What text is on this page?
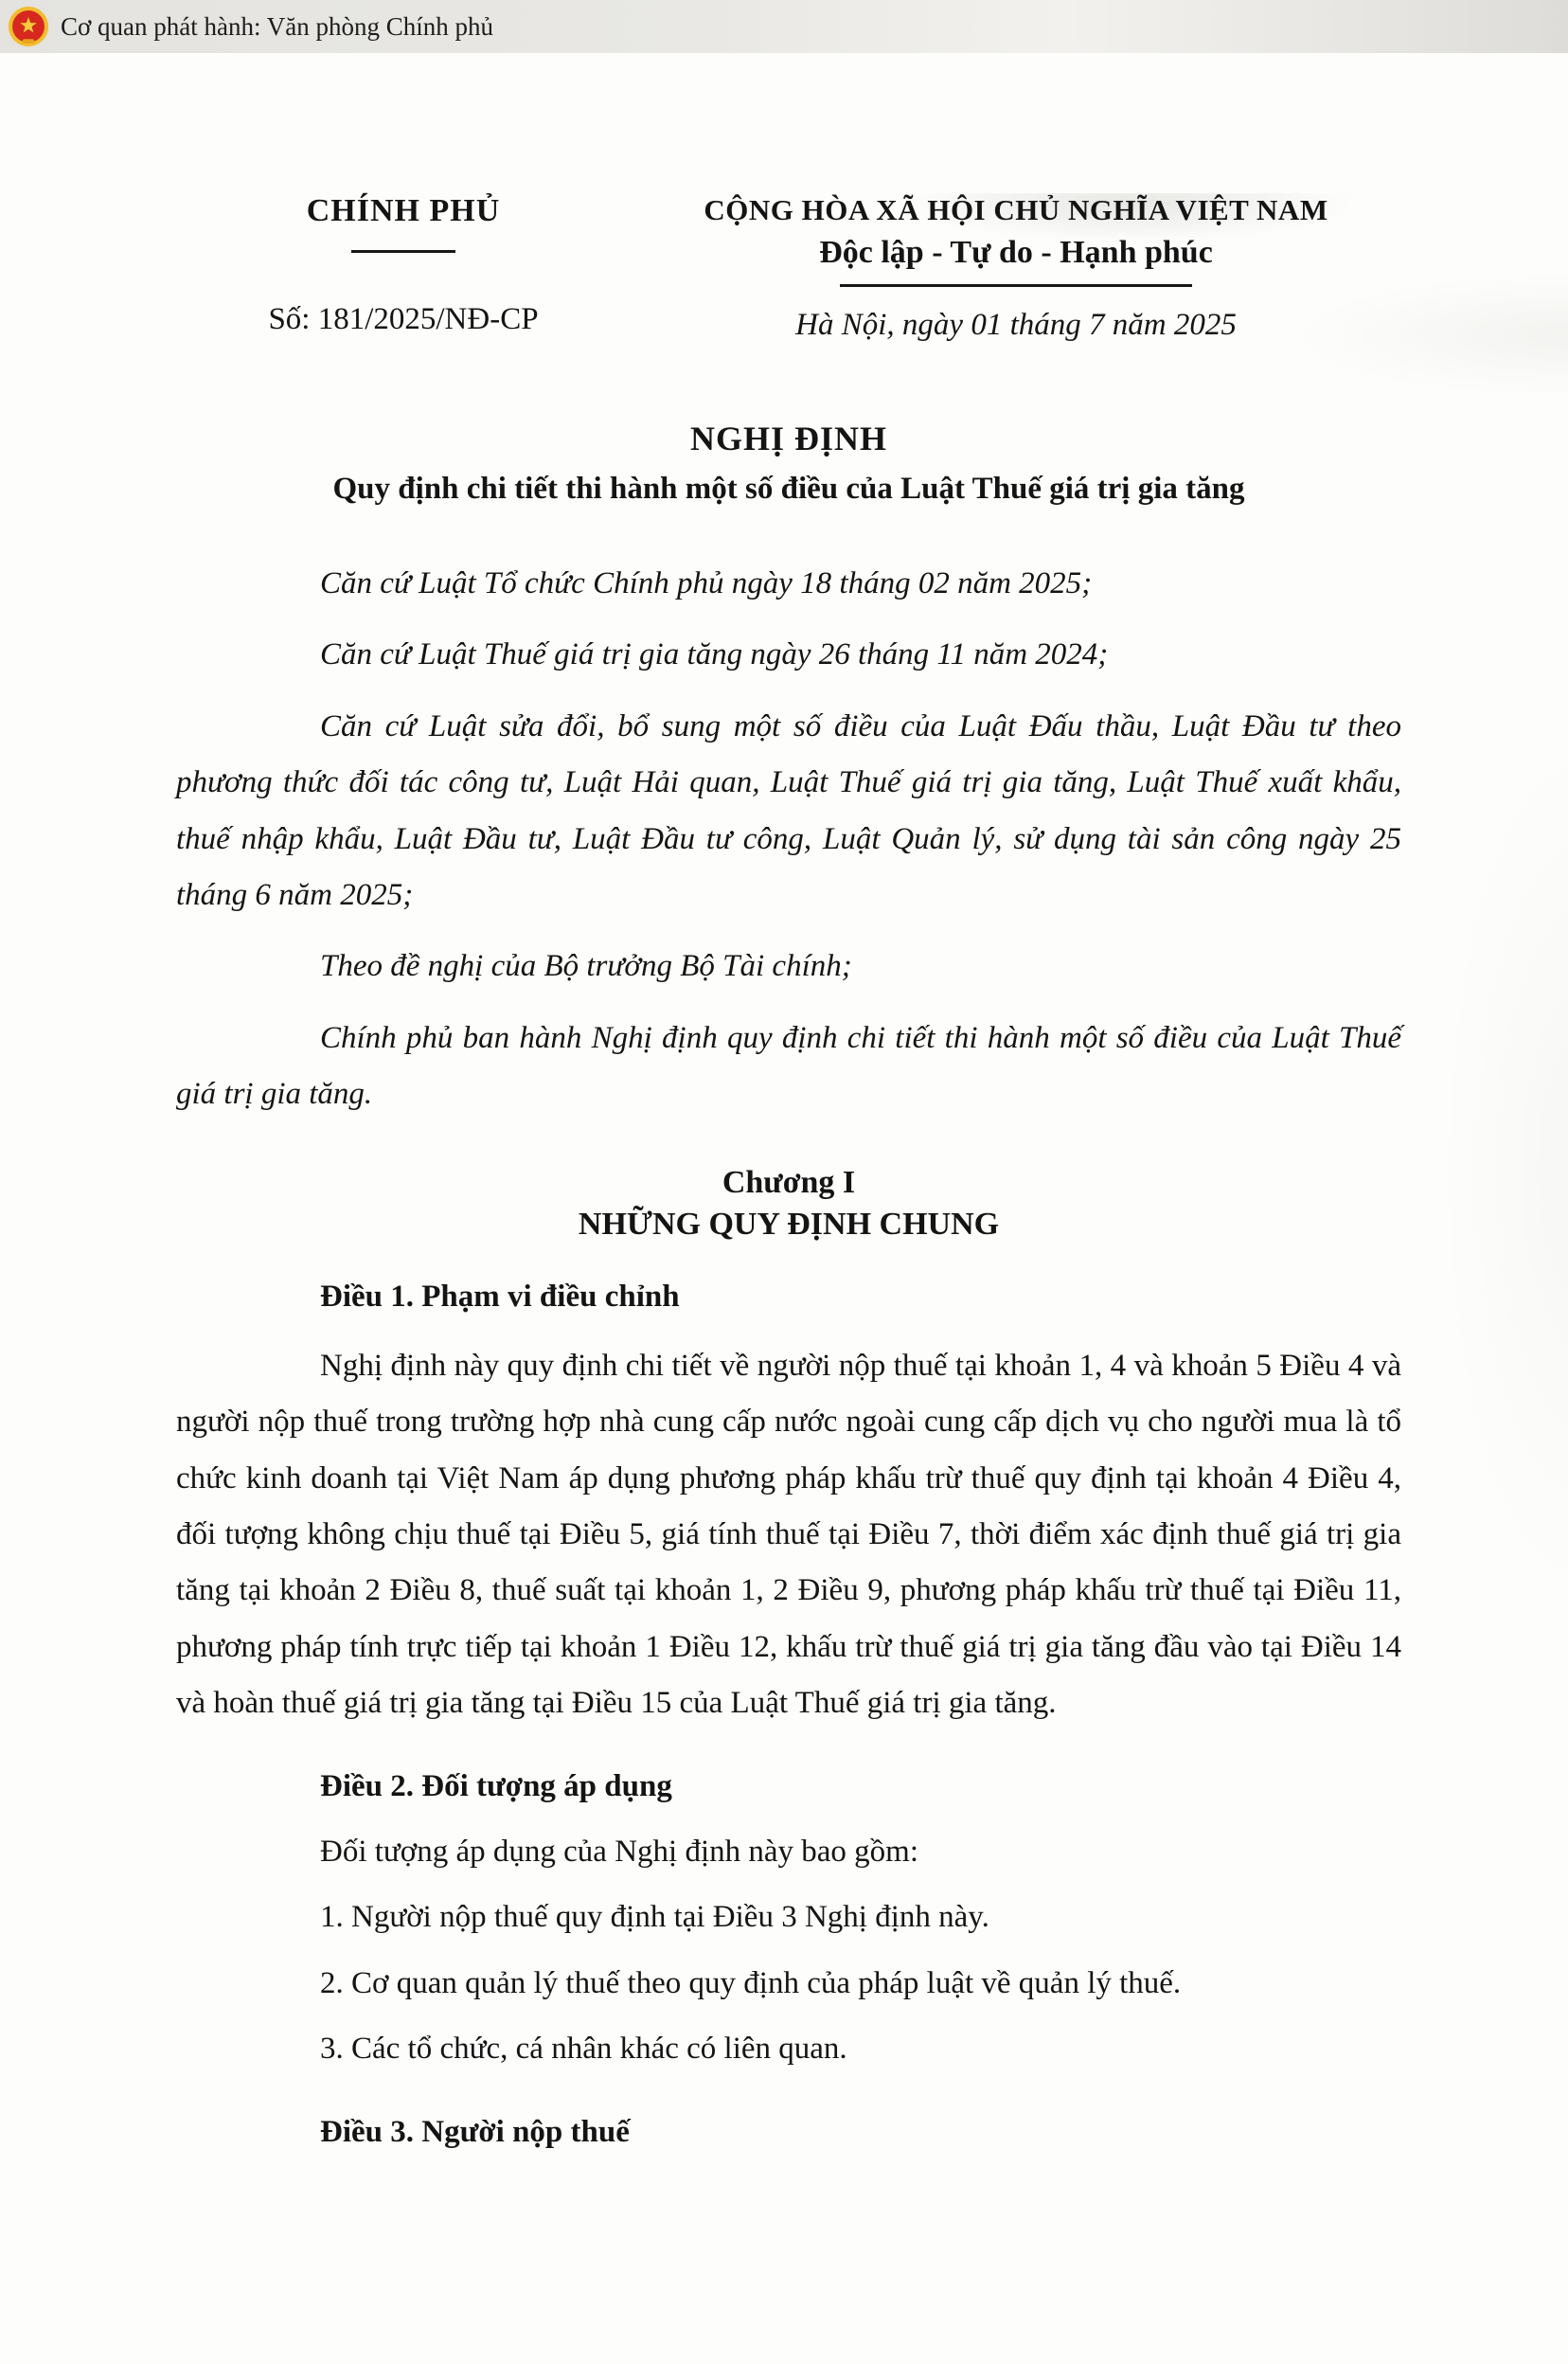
Cơ quan phát hành: Văn phòng Chính phủ
CHÍNH PHỦ
Số: 181/2025/NĐ-CP
CỘNG HÒA XÃ HỘI CHỦ NGHĨA VIỆT NAM
Độc lập - Tự do - Hạnh phúc
Hà Nội, ngày 01 tháng 7 năm 2025
NGHỊ ĐỊNH
Quy định chi tiết thi hành một số điều của Luật Thuế giá trị gia tăng

Căn cứ Luật Tổ chức Chính phủ ngày 18 tháng 02 năm 2025;

Căn cứ Luật Thuế giá trị gia tăng ngày 26 tháng 11 năm 2024;

Căn cứ Luật sửa đổi, bổ sung một số điều của Luật Đấu thầu, Luật Đầu tư theo phương thức đối tác công tư, Luật Hải quan, Luật Thuế giá trị gia tăng, Luật Thuế xuất khẩu, thuế nhập khẩu, Luật Đầu tư, Luật Đầu tư công, Luật Quản lý, sử dụng tài sản công ngày 25 tháng 6 năm 2025;

Theo đề nghị của Bộ trưởng Bộ Tài chính;

Chính phủ ban hành Nghị định quy định chi tiết thi hành một số điều của Luật Thuế giá trị gia tăng.

Chương I
NHỮNG QUY ĐỊNH CHUNG
Điều 1. Phạm vi điều chỉnh

Nghị định này quy định chi tiết về người nộp thuế tại khoản 1, 4 và khoản 5 Điều 4 và người nộp thuế trong trường hợp nhà cung cấp nước ngoài cung cấp dịch vụ cho người mua là tổ chức kinh doanh tại Việt Nam áp dụng phương pháp khấu trừ thuế quy định tại khoản 4 Điều 4, đối tượng không chịu thuế tại Điều 5, giá tính thuế tại Điều 7, thời điểm xác định thuế giá trị gia tăng tại khoản 2 Điều 8, thuế suất tại khoản 1, 2 Điều 9, phương pháp khấu trừ thuế tại Điều 11, phương pháp tính trực tiếp tại khoản 1 Điều 12, khấu trừ thuế giá trị gia tăng đầu vào tại Điều 14 và hoàn thuế giá trị gia tăng tại Điều 15 của Luật Thuế giá trị gia tăng.

Điều 2. Đối tượng áp dụng

Đối tượng áp dụng của Nghị định này bao gồm:

1. Người nộp thuế quy định tại Điều 3 Nghị định này.

2. Cơ quan quản lý thuế theo quy định của pháp luật về quản lý thuế.

3. Các tổ chức, cá nhân khác có liên quan.

Điều 3. Người nộp thuế
